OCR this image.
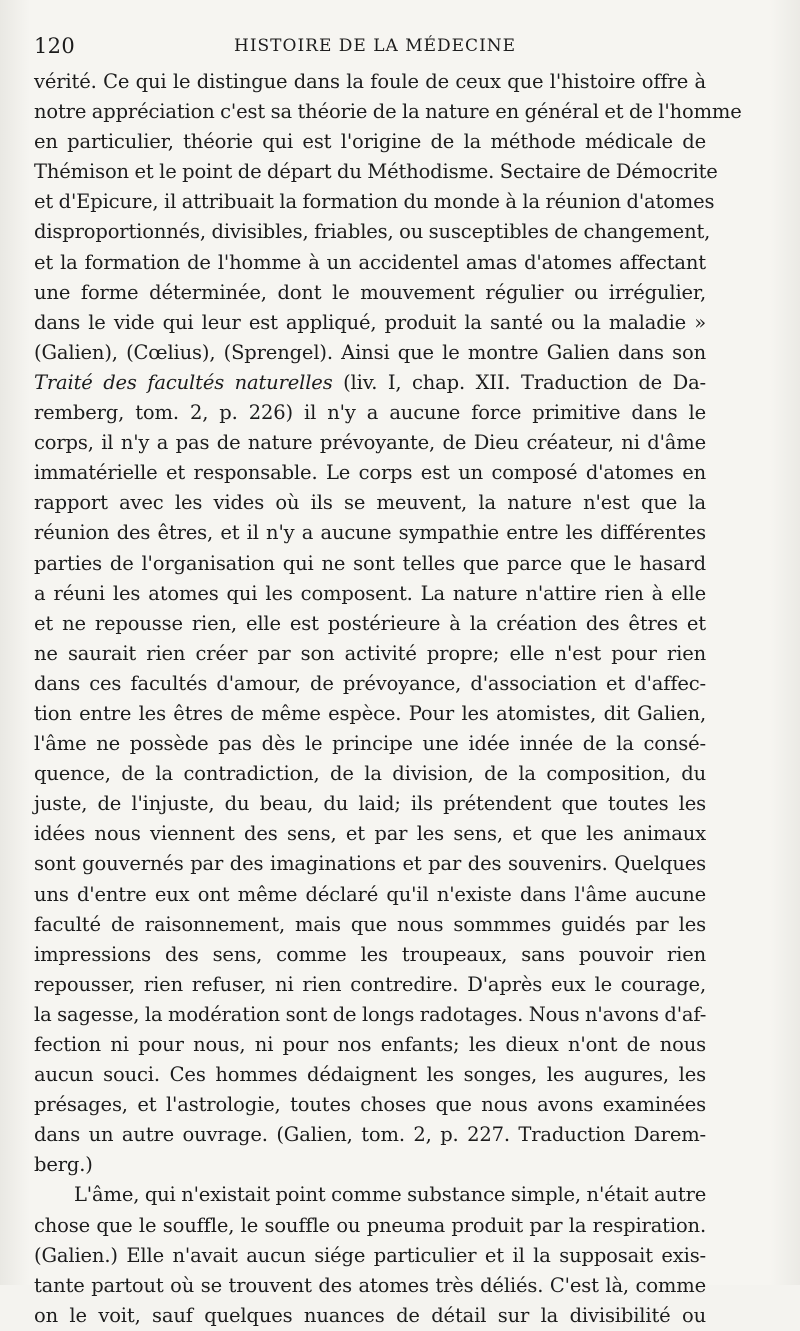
120	HISTOIRE DE LA MÉDECINE
vérité. Ce qui le distingue dans la foule de ceux que l'histoire offre à
notre appréciation c'est sa théorie de la nature en général et de l'homme
en particulier, théorie qui est l'origine de la méthode médicale de
Thémison et le point de départ du Méthodisme. Sectaire de Démocrite
et d'Epicure, il attribuait la formation du monde à la réunion d'atomes
disproportionnés, divisibles, friables, ou susceptibles de changement,
et la formation de l'homme à un accidentel amas d'atomes affectant
une forme déterminée, dont le mouvement régulier ou irrégulier,
dans le vide qui leur est appliqué, produit la santé ou la maladie »
(Galien), (Cœlius), (Sprengel). Ainsi que le montre Galien dans son
Traité des facultés naturelles (liv. I, chap. XII. Traduction de Da-
remberg, tom. 2, p. 226) il n'y a aucune force primitive dans le
corps, il n'y a pas de nature prévoyante, de Dieu créateur, ni d'âme
immatérielle et responsable. Le corps est un composé d'atomes en
rapport avec les vides où ils se meuvent, la nature n'est que la
réunion des êtres, et il n'y a aucune sympathie entre les différentes
parties de l'organisation qui ne sont telles que parce que le hasard
a réuni les atomes qui les composent. La nature n'attire rien à elle
et ne repousse rien, elle est postérieure à la création des êtres et
ne saurait rien créer par son activité propre; elle n'est pour rien
dans ces facultés d'amour, de prévoyance, d'association et d'affec-
tion entre les êtres de même espèce. Pour les atomistes, dit Galien,
l'âme ne possède pas dès le principe une idée innée de la consé-
quence, de la contradiction, de la division, de la composition, du
juste, de l'injuste, du beau, du laid; ils prétendent que toutes les
idées nous viennent des sens, et par les sens, et que les animaux
sont gouvernés par des imaginations et par des souvenirs. Quelques
uns d'entre eux ont même déclaré qu'il n'existe dans l'âme aucune
faculté de raisonnement, mais que nous sommmes guidés par les
impressions des sens, comme les troupeaux, sans pouvoir rien
repousser, rien refuser, ni rien contredire. D'après eux le courage,
la sagesse, la modération sont de longs radotages. Nous n'avons d'af-
fection ni pour nous, ni pour nos enfants; les dieux n'ont de nous
aucun souci. Ces hommes dédaignent les songes, les augures, les
présages, et l'astrologie, toutes choses que nous avons examinées
dans un autre ouvrage. (Galien, tom. 2, p. 227. Traduction Darem-
berg.)
L'âme, qui n'existait point comme substance simple, n'était autre
chose que le souffle, le souffle ou pneuma produit par la respiration.
(Galien.) Elle n'avait aucun siége particulier et il la supposait exis-
tante partout où se trouvent des atomes très déliés. C'est là, comme
on le voit, sauf quelques nuances de détail sur la divisibilité ou
